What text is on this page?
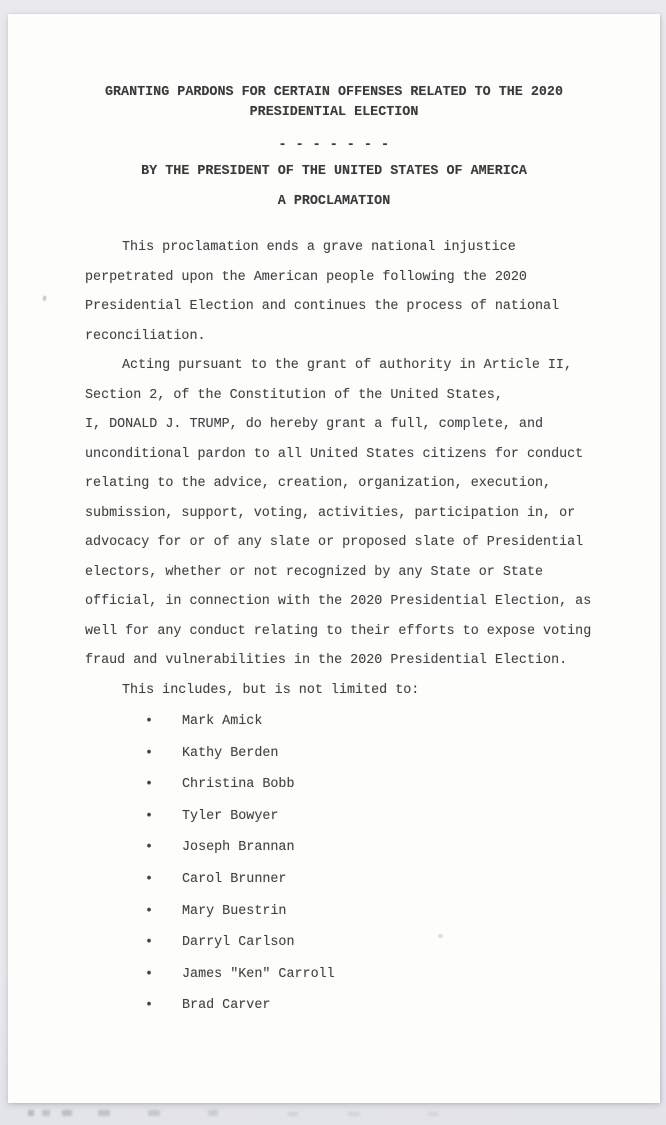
GRANTING PARDONS FOR CERTAIN OFFENSES RELATED TO THE 2020
PRESIDENTIAL ELECTION
- - - - - - -
BY THE PRESIDENT OF THE UNITED STATES OF AMERICA
A PROCLAMATION
This proclamation ends a grave national injustice
perpetrated upon the American people following the 2020
Presidential Election and continues the process of national
reconciliation.
Acting pursuant to the grant of authority in Article II,
Section 2, of the Constitution of the United States,
I, DONALD J. TRUMP, do hereby grant a full, complete, and
unconditional pardon to all United States citizens for conduct
relating to the advice, creation, organization, execution,
submission, support, voting, activities, participation in, or
advocacy for or of any slate or proposed slate of Presidential
electors, whether or not recognized by any State or State
official, in connection with the 2020 Presidential Election, as
well for any conduct relating to their efforts to expose voting
fraud and vulnerabilities in the 2020 Presidential Election.
This includes, but is not limited to:
• Mark Amick
• Kathy Berden
• Christina Bobb
• Tyler Bowyer
• Joseph Brannan
• Carol Brunner
• Mary Buestrin
• Darryl Carlson
• James "Ken" Carroll
• Brad Carver
